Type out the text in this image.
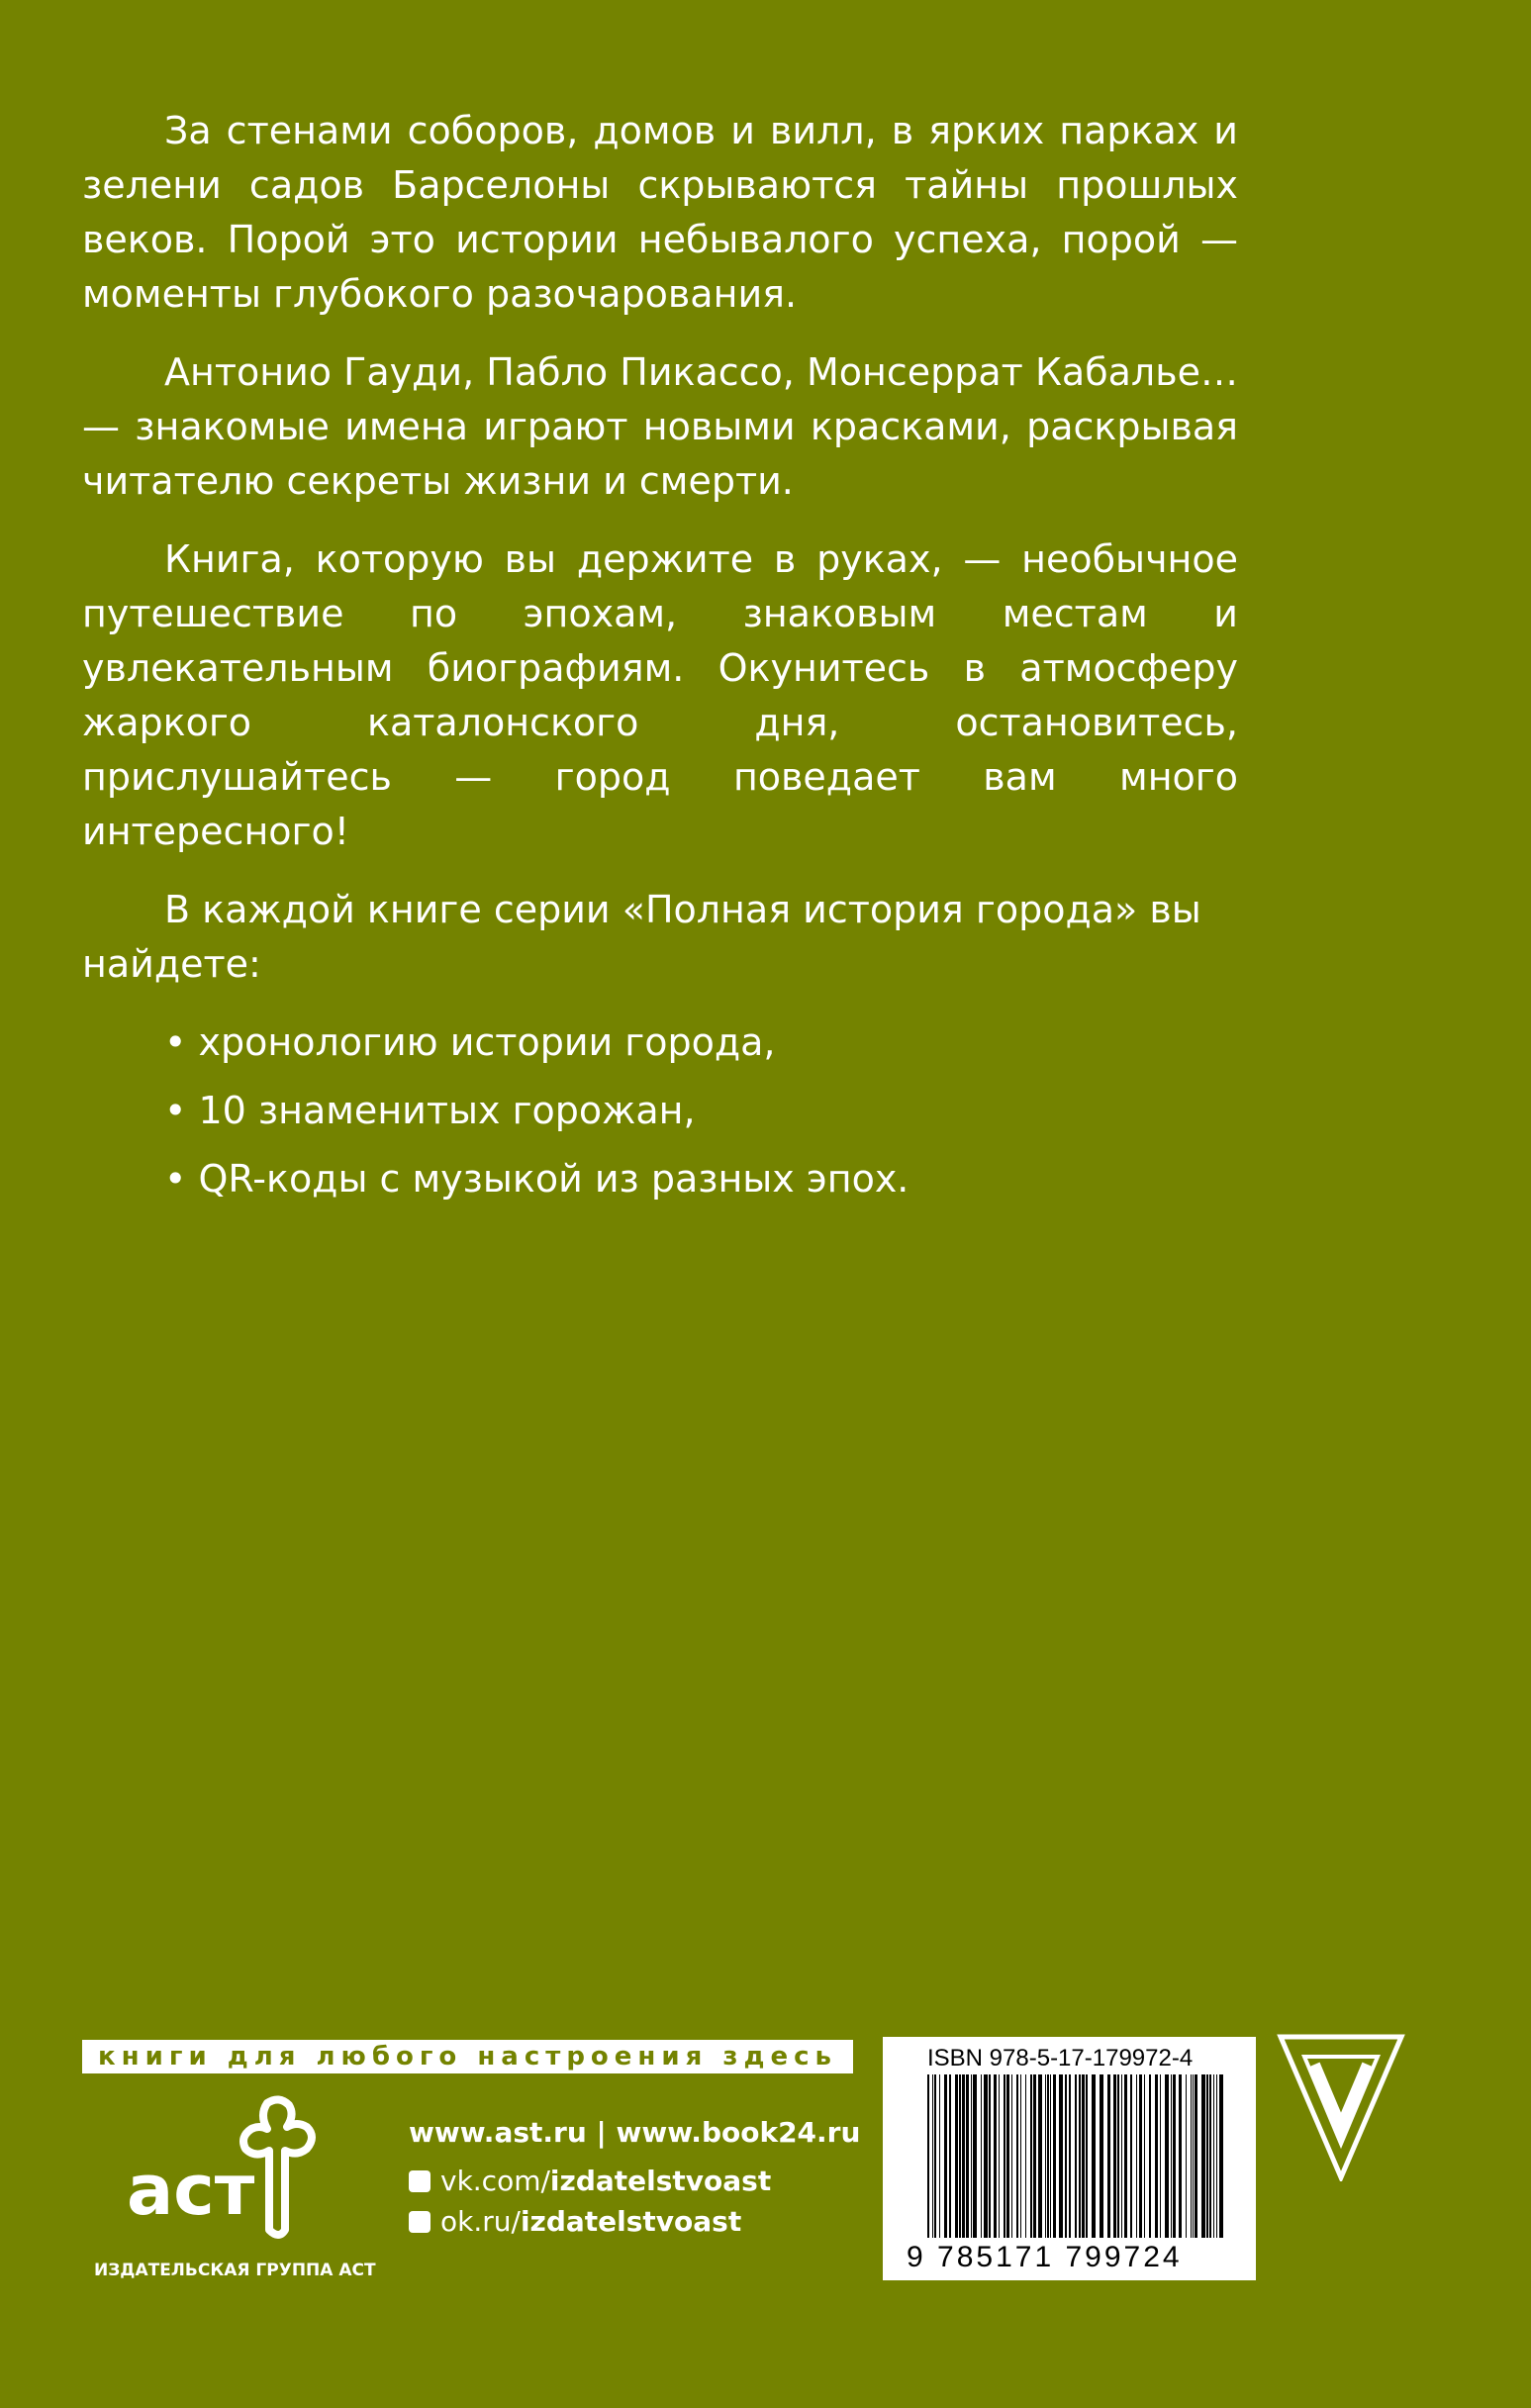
За стенами соборов, домов и вилл, в ярких парках и зелени садов Барселоны скрываются тайны прошлых веков. Порой это истории небывалого успеха, порой — моменты глубокого разочарования.

Антонио Гауди, Пабло Пикассо, Монсеррат Кабалье… — знакомые имена играют новыми красками, раскрывая читателю секреты жизни и смерти.

Книга, которую вы держите в руках, — необычное путешествие по эпохам, знаковым местам и увлекательным биографиям. Окунитесь в атмосферу жаркого каталонского дня, остановитесь, прислушайтесь — город поведает вам много интересного!

В каждой книге серии «Полная история города» вы найдете:

• хронологию истории города,
• 10 знаменитых горожан,
• QR-коды с музыкой из разных эпох.
книги для любого настроения здесь
аст
ИЗДАТЕЛЬСКАЯ ГРУППА АСТ
www.ast.ru | www.book24.ru
vk.com/ izdatelstvoast
ok.ru/ izdatelstvoast
ISBN 978-5-17-179972-4
9 785171 799724
